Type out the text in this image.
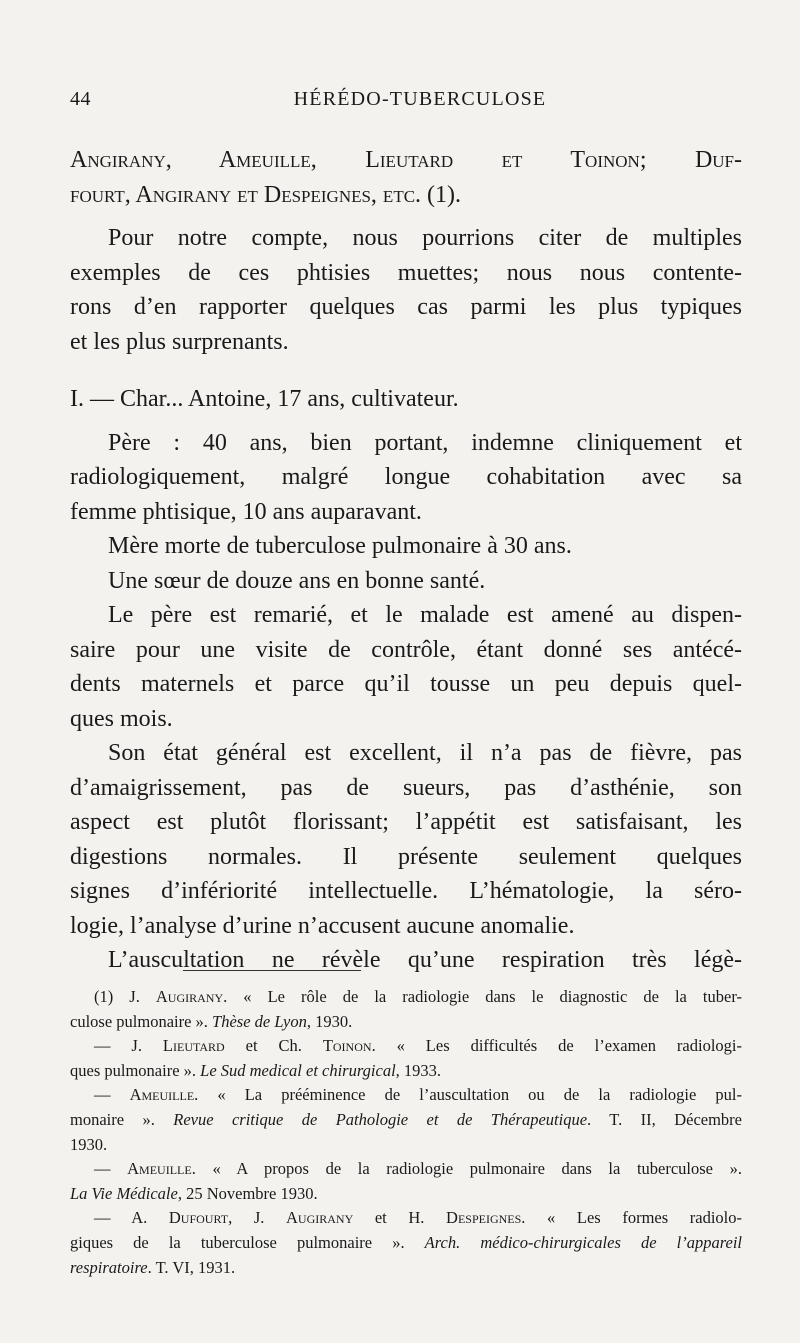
44	HÉRÉDO-TUBERCULOSE
Angirany, Ameuille, Lieutard et Toinon; Duf-
fourt, Angirany et Despeignes, etc. (1).
Pour notre compte, nous pourrions citer de multiples
exemples de ces phtisies muettes; nous nous contente-
rons d’en rapporter quelques cas parmi les plus typiques
et les plus surprenants.
I. — Char... Antoine, 17 ans, cultivateur.
Père : 40 ans, bien portant, indemne cliniquement et
radiologiquement, malgré longue cohabitation avec sa
femme phtisique, 10 ans auparavant.
Mère morte de tuberculose pulmonaire à 30 ans.
Une sœur de douze ans en bonne santé.
Le père est remarié, et le malade est amené au dispen-
saire pour une visite de contrôle, étant donné ses antécé-
dents maternels et parce qu’il tousse un peu depuis quel-
ques mois.
Son état général est excellent, il n’a pas de fièvre, pas
d’amaigrissement, pas de sueurs, pas d’asthénie, son
aspect est plutôt florissant; l’appétit est satisfaisant, les
digestions normales. Il présente seulement quelques
signes d’infériorité intellectuelle. L’hématologie, la séro-
logie, l’analyse d’urine n’accusent aucune anomalie.
L’auscultation ne révèle qu’une respiration très légè-
(1) J. Augirany. « Le rôle de la radiologie dans le diagnostic de la tuber-
culose pulmonaire ». Thèse de Lyon, 1930.
— J. Lieutard et Ch. Toinon. « Les difficultés de l’examen radiologi-
ques pulmonaire ». Le Sud medical et chirurgical, 1933.
— Ameuille. « La prééminence de l’auscultation ou de la radiologie pul-
monaire ». Revue critique de Pathologie et de Thérapeutique. T. II, Décembre
1930.
— Ameuille. « A propos de la radiologie pulmonaire dans la tuberculose ».
La Vie Médicale, 25 Novembre 1930.
— A. Dufourt, J. Augirany et H. Despeignes. « Les formes radiolo-
giques de la tuberculose pulmonaire ». Arch. médico-chirurgicales de l’appareil
respiratoire. T. VI, 1931.
